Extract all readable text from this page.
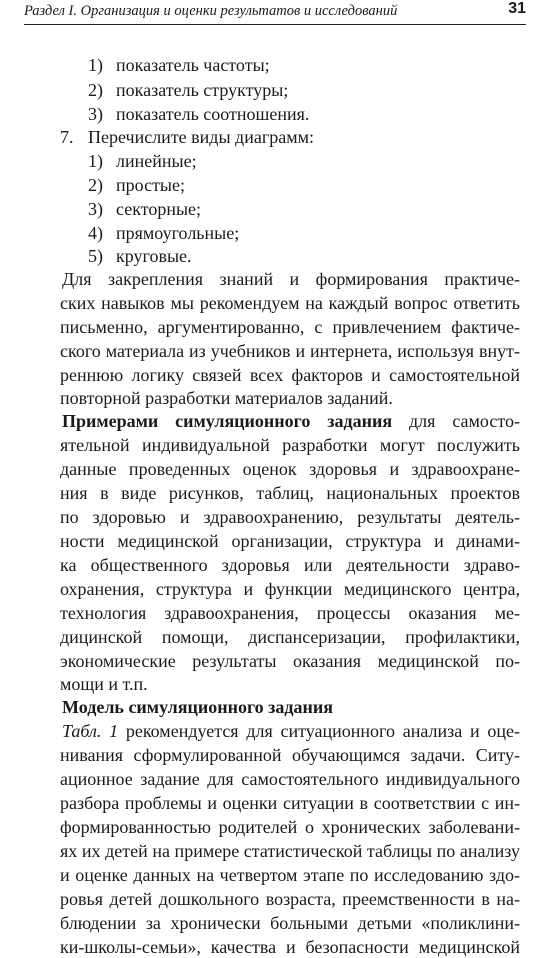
Раздел I. Организация и оценки результатов и исследований	31
1) показатель частоты;
2) показатель структуры;
3) показатель соотношения.
7. Перечислите виды диаграмм:
1) линейные;
2) простые;
3) секторные;
4) прямоугольные;
5) круговые.
Для закрепления знаний и формирования практиче-
ских навыков мы рекомендуем на каждый вопрос ответить
письменно, аргументированно, с привлечением фактиче-
ского материала из учебников и интернета, используя внут-
реннюю логику связей всех факторов и самостоятельной
повторной разработки материалов заданий.
Примерами симуляционного задания для самосто-
ятельной индивидуальной разработки могут послужить
данные проведенных оценок здоровья и здравоохране-
ния в виде рисунков, таблиц, национальных проектов
по здоровью и здравоохранению, результаты деятель-
ности медицинской организации, структура и динами-
ка общественного здоровья или деятельности здраво-
охранения, структура и функции медицинского центра,
технология здравоохранения, процессы оказания ме-
дицинской помощи, диспансеризации, профилактики,
экономические результаты оказания медицинской по-
мощи и т.п.
Модель симуляционного задания
Табл. 1 рекомендуется для ситуационного анализа и оце-
нивания сформулированной обучающимся задачи. Ситу-
ационное задание для самостоятельного индивидуального
разбора проблемы и оценки ситуации в соответствии с ин-
формированностью родителей о хронических заболевани-
ях их детей на примере статистической таблицы по анализу
и оценке данных на четвертом этапе по исследованию здо-
ровья детей дошкольного возраста, преемственности в на-
блюдении за хронически больными детьми «поликлини-
ки-школы-семьи», качества и безопасности медицинской
